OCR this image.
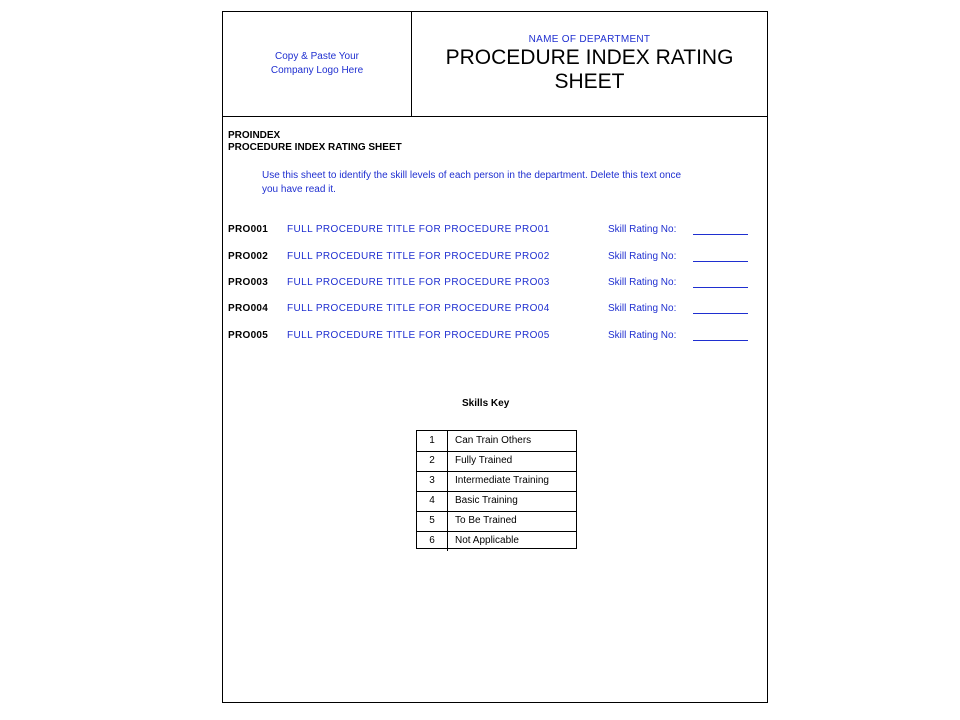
Copy & Paste Your
Company Logo Here
NAME OF DEPARTMENT
PROCEDURE INDEX RATING
SHEET
PROINDEX
PROCEDURE INDEX RATING SHEET
Use this sheet to identify the skill levels of each person in the department. Delete this text once
you have read it.
PRO001 FULL PROCEDURE TITLE FOR PROCEDURE PRO01	Skill Rating No:
PRO002 FULL PROCEDURE TITLE FOR PROCEDURE PRO02	Skill Rating No:
PRO003 FULL PROCEDURE TITLE FOR PROCEDURE PRO03	Skill Rating No:
PRO004 FULL PROCEDURE TITLE FOR PROCEDURE PRO04	Skill Rating No:
PRO005 FULL PROCEDURE TITLE FOR PROCEDURE PRO05	Skill Rating No:
Skills Key
1	Can Train Others
2	Fully Trained
3	Intermediate Training
4	Basic Training
5	To Be Trained
6	Not Applicable
